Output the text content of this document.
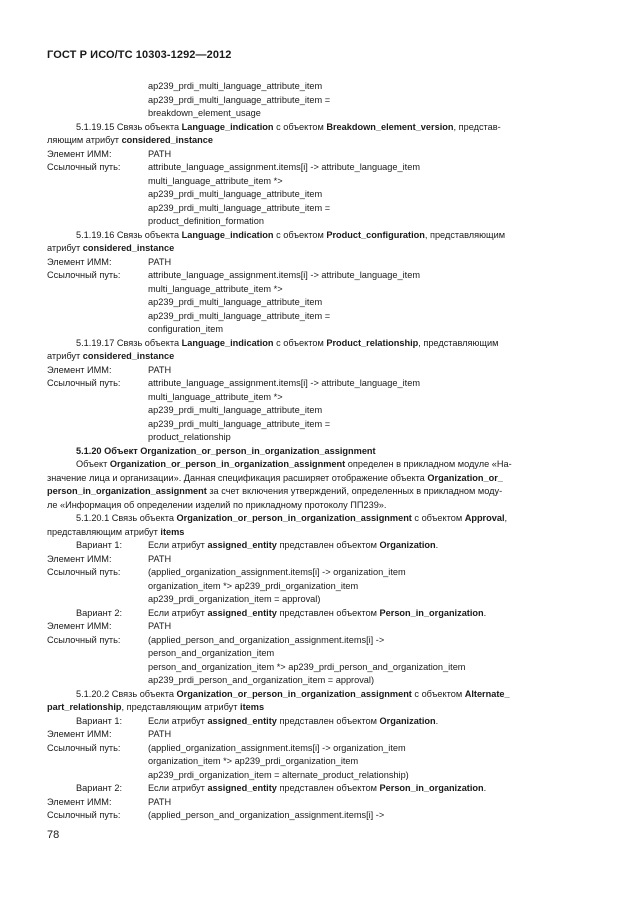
ГОСТ Р ИСО/ТС 10303-1292—2012
ap239_prdi_multi_language_attribute_item
ap239_prdi_multi_language_attribute_item =
breakdown_element_usage
5.1.19.15 Связь объекта Language_indication с объектом Breakdown_element_version, представ-
ляющим атрибут considered_instance
Элемент ИММ:	PATH
Ссылочный путь:	attribute_language_assignment.items[i] -> attribute_language_item
multi_language_attribute_item *>
ap239_prdi_multi_language_attribute_item
ap239_prdi_multi_language_attribute_item =
product_definition_formation
5.1.19.16 Связь объекта Language_indication с объектом Product_configuration, представляющим
атрибут considered_instance
Элемент ИММ:	PATH
Ссылочный путь:	attribute_language_assignment.items[i] -> attribute_language_item
multi_language_attribute_item *>
ap239_prdi_multi_language_attribute_item
ap239_prdi_multi_language_attribute_item =
configuration_item
5.1.19.17 Связь объекта Language_indication с объектом Product_relationship, представляющим
атрибут considered_instance
Элемент ИММ:	PATH
Ссылочный путь:	attribute_language_assignment.items[i] -> attribute_language_item
multi_language_attribute_item *>
ap239_prdi_multi_language_attribute_item
ap239_prdi_multi_language_attribute_item =
product_relationship
5.1.20 Объект Organization_or_person_in_organization_assignment
Объект Organization_or_person_in_organization_assignment определен в прикладном модуле «На-
значение лица и организации». Данная спецификация расширяет отображение объекта Organization_or_
person_in_organization_assignment за счет включения утверждений, определенных в прикладном моду-
ле «Информация об определении изделий по прикладному протоколу ПП239».
5.1.20.1 Связь объекта Organization_or_person_in_organization_assignment с объектом Approval,
представляющим атрибут items
Вариант 1:	Если атрибут assigned_entity представлен объектом Organization.
Элемент ИММ:	PATH
Ссылочный путь:	(applied_organization_assignment.items[i] -> organization_item
organization_item *> ap239_prdi_organization_item
ap239_prdi_organization_item = approval)
Вариант 2:	Если атрибут assigned_entity представлен объектом Person_in_organization.
Элемент ИММ:	PATH
Ссылочный путь:	(applied_person_and_organization_assignment.items[i] ->
person_and_organization_item
person_and_organization_item *> ap239_prdi_person_and_organization_item
ap239_prdi_person_and_organization_item = approval)
5.1.20.2 Связь объекта Organization_or_person_in_organization_assignment с объектом Alternate_
part_relationship, представляющим атрибут items
Вариант 1:	Если атрибут assigned_entity представлен объектом Organization.
Элемент ИММ:	PATH
Ссылочный путь:	(applied_organization_assignment.items[i] -> organization_item
organization_item *> ap239_prdi_organization_item
ap239_prdi_organization_item = alternate_product_relationship)
Вариант 2:	Если атрибут assigned_entity представлен объектом Person_in_organization.
Элемент ИММ:	PATH
Ссылочный путь:	(applied_person_and_organization_assignment.items[i] ->
78
